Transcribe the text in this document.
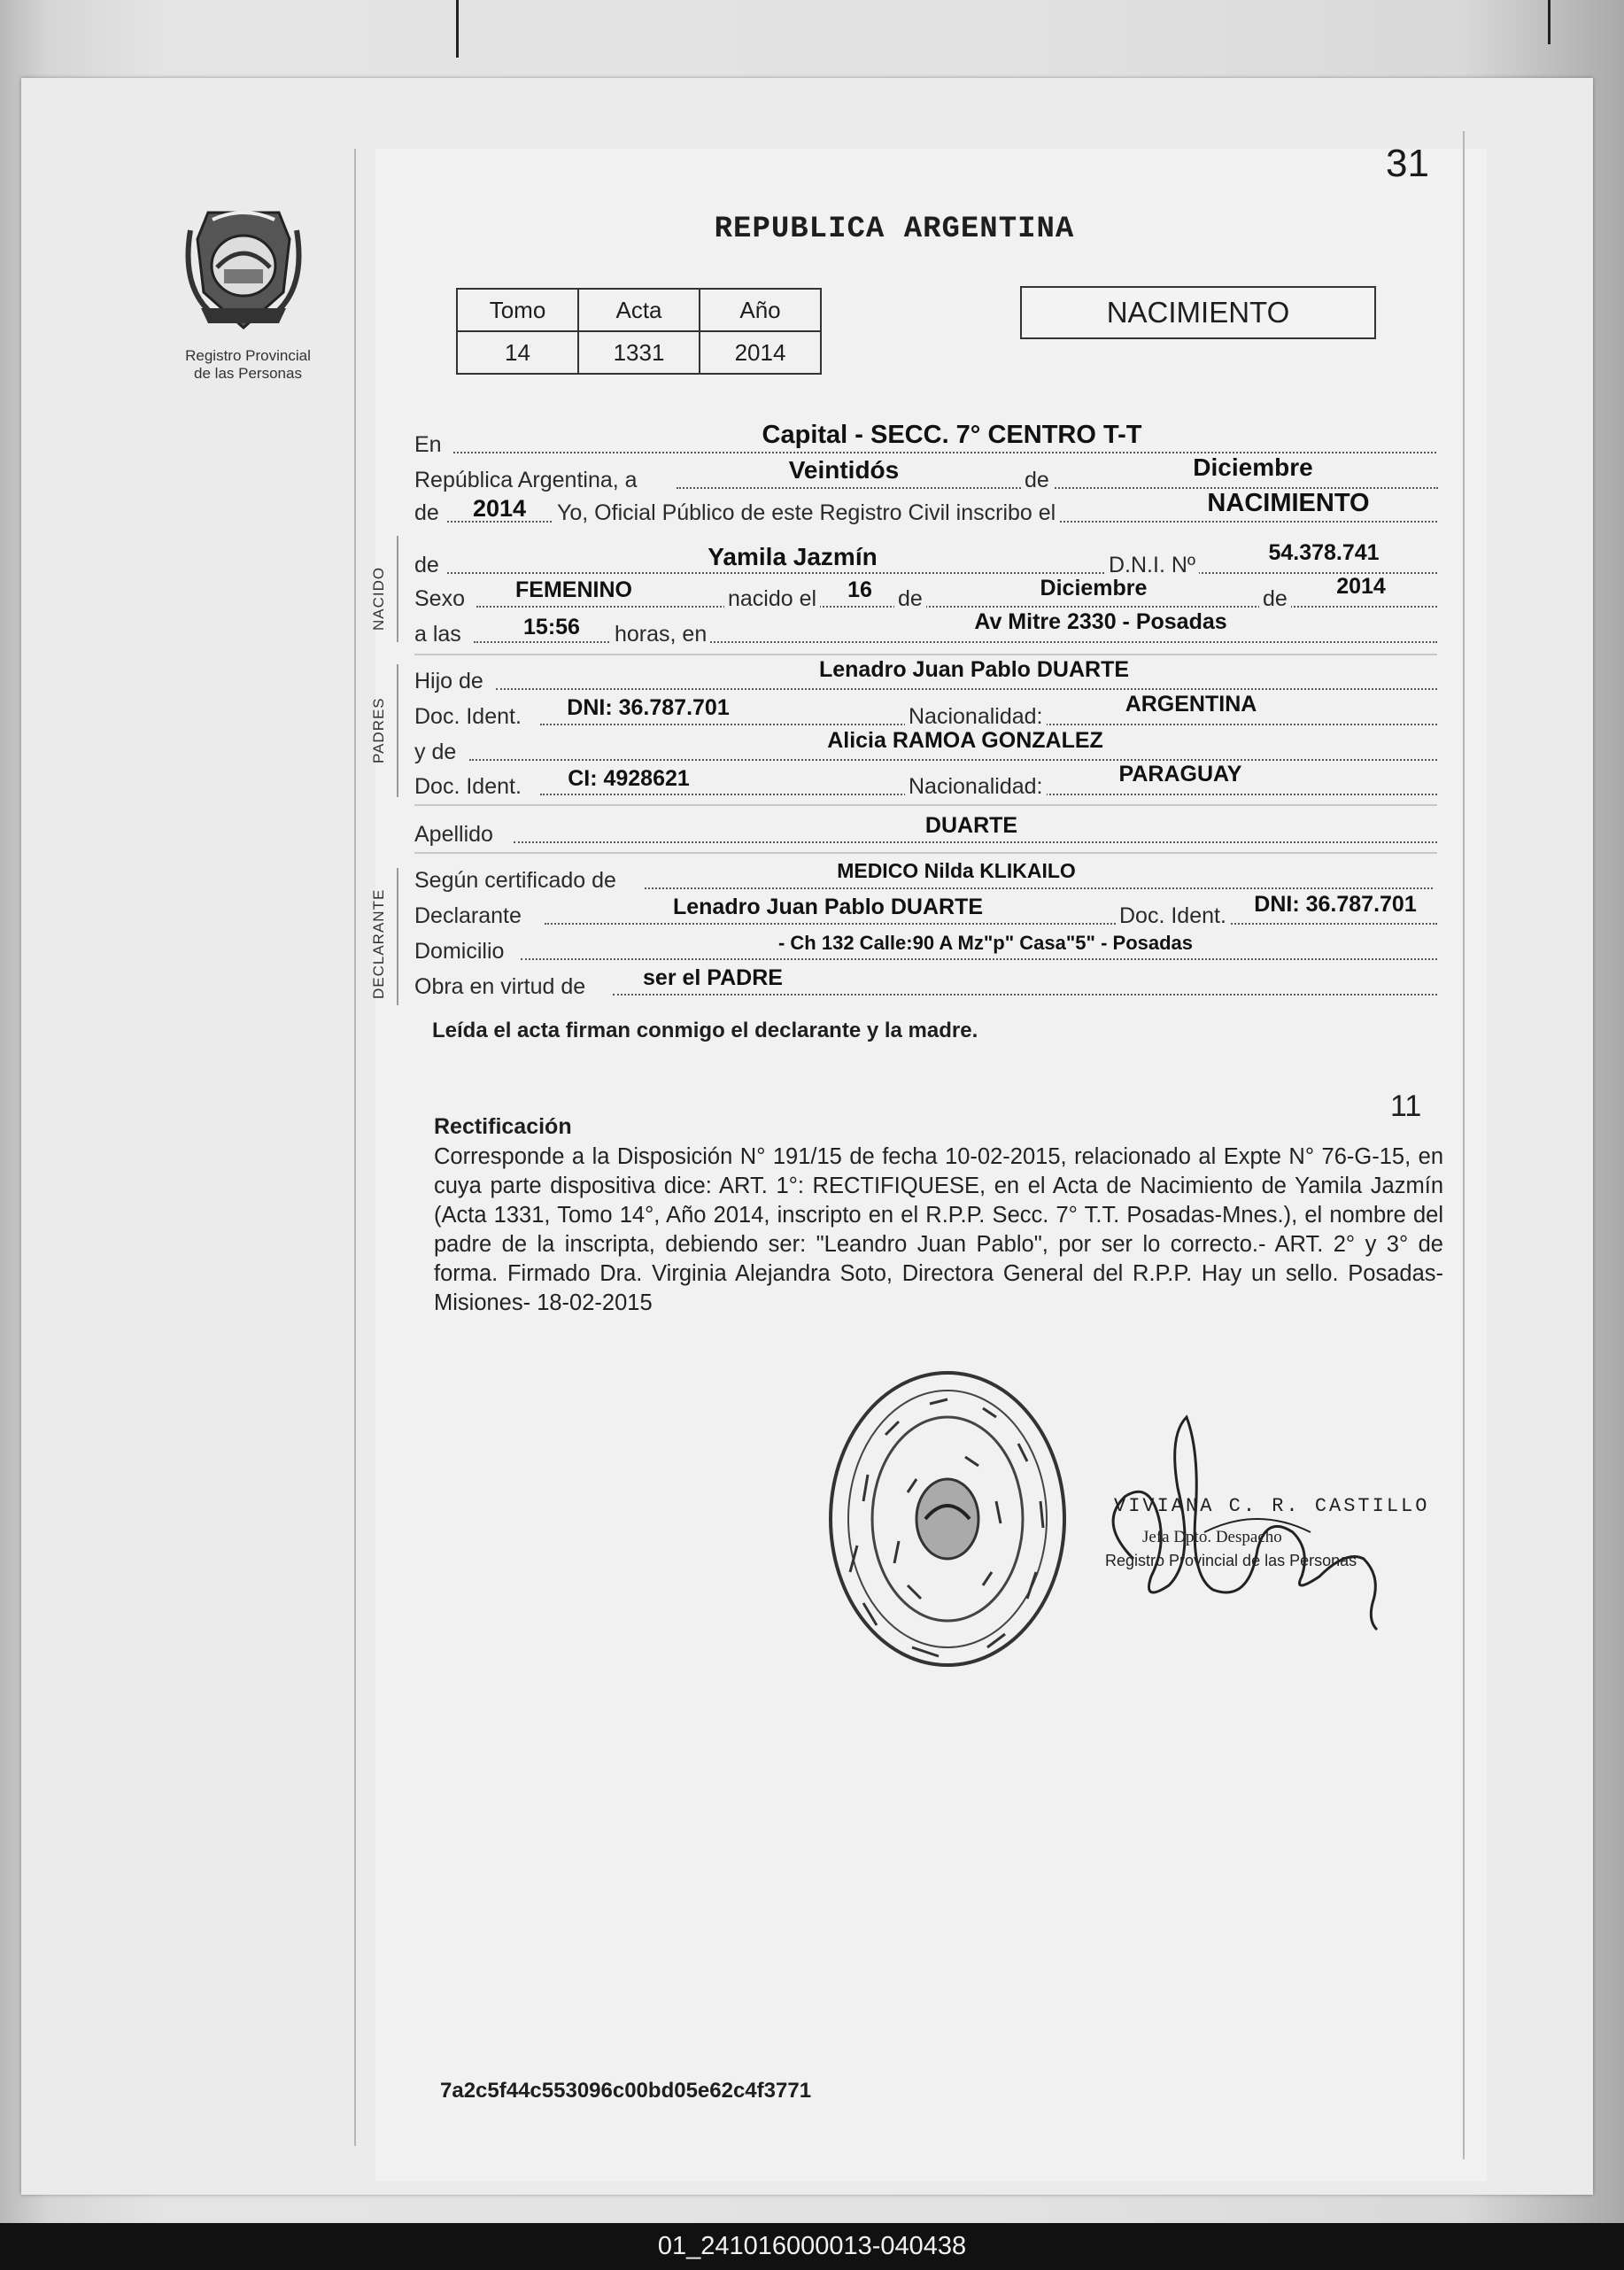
Registro Provincial
de las Personas
31
REPUBLICA ARGENTINA
Tomo	Acta	Año
14	1331	2014
NACIMIENTO
En	Capital - SECC. 7° CENTRO T-T
República Argentina, a	Veintidós	de	Diciembre
de 2014 Yo, Oficial Público de este Registro Civil inscribo el	NACIMIENTO
NACIDO
de	Yamila Jazmín	D.N.I. Nº	54.378.741
Sexo FEMENINO	nacido el 16 de	Diciembre	de 2014
a las	15:56 horas, en	Av Mitre 2330 - Posadas
PADRES
Hijo de	Lenadro Juan Pablo DUARTE
Doc. Ident. DNI: 36.787.701	Nacionalidad:	ARGENTINA
y de	Alicia RAMOA GONZALEZ
Doc. Ident. CI: 4928621	Nacionalidad:	PARAGUAY
Apellido	DUARTE
DECLARANTE
Según certificado de	MEDICO Nilda KLIKAILO
Declarante	Lenadro Juan Pablo DUARTE	Doc. Ident. DNI: 36.787.701
Domicilio	- Ch 132 Calle:90 A Mz"p" Casa"5" - Posadas
Obra en virtud de	ser el PADRE
Leída el acta firman conmigo el declarante y la madre.
11
Rectificación
Corresponde a la Disposición N° 191/15 de fecha 10-02-2015, relacionado al Expte N° 76-G-15, en cuya parte dispositiva dice: ART. 1°: RECTIFIQUESE, en el Acta de Nacimiento de Yamila Jazmín (Acta 1331, Tomo 14°, Año 2014, inscripto en el R.P.P. Secc. 7° T.T. Posadas-Mnes.), el nombre del padre de la inscripta, debiendo ser: "Leandro Juan Pablo", por ser lo correcto.- ART. 2° y 3° de forma. Firmado Dra. Virginia Alejandra Soto, Directora General del R.P.P. Hay un sello. Posadas- Misiones- 18-02-2015
VIVIANA C. R. CASTILLO
Jefa Dpto. Despacho
Registro Provincial de las Personas
7a2c5f44c553096c00bd05e62c4f3771
01_241016000013-040438
